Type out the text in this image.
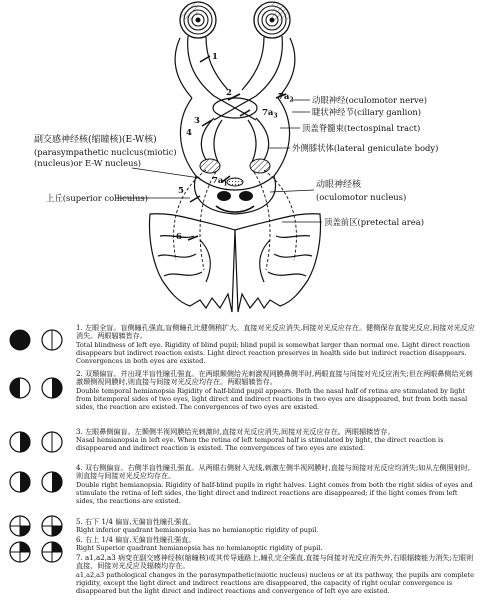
1
2
3
4
5
6
$7a_2$
$7a_3$
$7a_1$
动眼神经(oculomotor nerve)
睫状神经节(ciliary ganlion)
顶盖脊髓束(tectospinal tract)
外侧膝状体(lateral geniculate body)
副交感神经核(缩瞳核)(E-W核)
(parasympathetic nuclcus(miotic)
(nucleus)or E-W nucleus)
动眼神经核
(oculomotor nucleus)
上丘(superior colliculus)
顶盖前区(pretectal area)
1. 左眼全盲。盲侧瞳孔强直,盲侧瞳孔比健侧稍扩大。直接对光反应消失,间接对光反应存在。健侧保存直接光反应,间接对光反应消失。两眼辐辏皆存。
Total blindness of left eye. Rigidity of blind pupil; blind pupil is somewhat larger than normal one. Light direct reaction disappears but indirect reaction exists. Light direct reaction preserves in health side but indirect reaction disappears. Convergences in both eyes are existed.
2. 双颞偏盲。并出现半盲性瞳孔强直。在两眼颞侧给光刺激视网膜鼻侧半时,两眼直接与间接对光反应消失;但在两眼鼻侧给光刺激颞侧视网膜时,则直接与间接对光反应均存在。两眼辐辏皆存。
Double temporal hemianopsia Rigidity of half-blind pupil appears. Both the nasal half of retina are stimulated by light from bitemporal sides of two eyes, light direct and indirect reactions in two eyes are disappeared, but from both nasal sides, the reaction are existed. The convergences of two eyes are existed.
3. 左眼鼻侧偏盲。左颞侧半视网膜给光刺激时,直接对光反应消失,间接对光反应存在。两眼辐辏皆存。
Nasal hemianopsia in left eye. When the retina of left temporal half is stimulated by light, the direct reaction is disappeared and indirect reaction is existed. The convergences of two eyes are existed.
4. 双右侧偏盲。右侧半盲性瞳孔强直。从两眼右侧射入光线,刺激左侧半视网膜时,直接与间接对光反应均消失;如从左侧照射时,则直接与间接对光反应均存在。
Double right hemianopsia. Rigidity of half-blind pupils in right halves. Light comes from both the right sides of eyes and stimulate the retina of left sides, the light direct and indirect reactions are disappeared; if the light comes from left sides, the reactions are existed.
5. 右下 1/4 偏盲,无偏盲性瞳孔强直。
Right inferior quadrant hemianopsia has no hemianoptic rigidity of pupil.
6. 右上 1/4 偏盲,无偏盲性瞳孔强直。
Right Superior quadrant hemianopsia has no hemianoptic rigidity of pupil.
7. a1,a2,a3 病变在副交感神经核(缩瞳核)或其传导通路上,瞳孔完全强直,直接与间接对光反应消失外,右眼辐辏能力消失;左眼则直接、间接对光反应及辐辏均存在。
a1,a2,a3 pathological changes in the parasympathetic(miotic nucleus) nucleus or at its pathway, the pupils are complete rigidity, except the light direct and indirect reactions are disappeared, the capacity of right ocular convergence is disappeared but the light direct and indirect reactions and convergence of left eye are existed.
